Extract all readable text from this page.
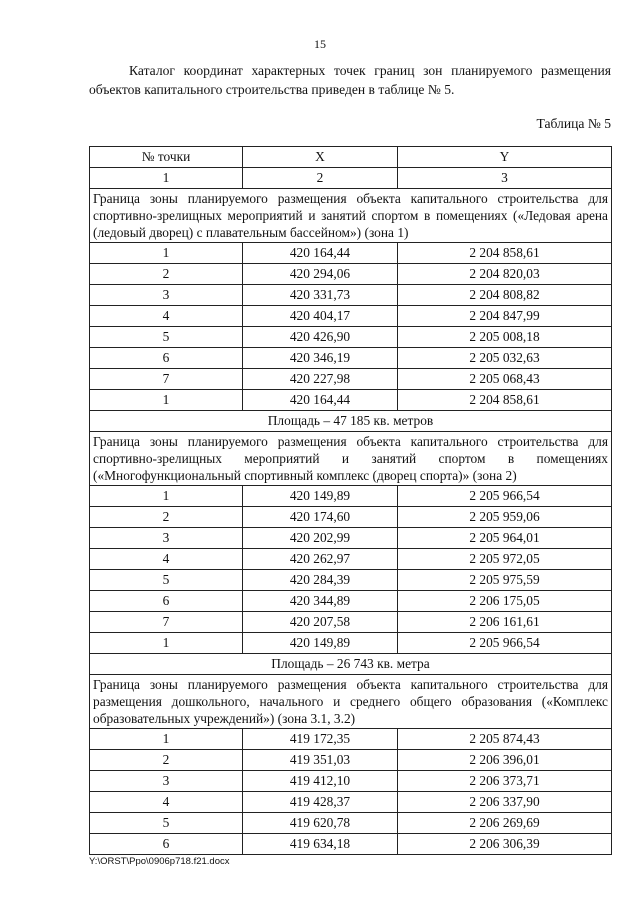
15
Каталог координат характерных точек границ зон планируемого размещения объектов капитального строительства приведен в таблице № 5.
Таблица № 5
№ точки	X	Y
1	2	3
Граница зоны планируемого размещения объекта капитального строительства для спортивно-зрелищных мероприятий и занятий спортом в помещениях («Ледовая арена (ледовый дворец) с плавательным бассейном») (зона 1)		
1	420 164,44	2 204 858,61
2	420 294,06	2 204 820,03
3	420 331,73	2 204 808,82
4	420 404,17	2 204 847,99
5	420 426,90	2 205 008,18
6	420 346,19	2 205 032,63
7	420 227,98	2 205 068,43
1	420 164,44	2 204 858,61
Площадь – 47 185 кв. метров		
Граница зоны планируемого размещения объекта капитального строительства для спортивно-зрелищных мероприятий и занятий спортом в помещениях («Многофункциональный спортивный комплекс (дворец спорта)» (зона 2)		
1	420 149,89	2 205 966,54
2	420 174,60	2 205 959,06
3	420 202,99	2 205 964,01
4	420 262,97	2 205 972,05
5	420 284,39	2 205 975,59
6	420 344,89	2 206 175,05
7	420 207,58	2 206 161,61
1	420 149,89	2 205 966,54
Площадь – 26 743 кв. метра		
Граница зоны планируемого размещения объекта капитального строительства для размещения дошкольного, начального и среднего общего образования («Комплекс образовательных учреждений») (зона 3.1, 3.2)		
1	419 172,35	2 205 874,43
2	419 351,03	2 206 396,01
3	419 412,10	2 206 373,71
4	419 428,37	2 206 337,90
5	419 620,78	2 206 269,69
6	419 634,18	2 206 306,39
Y:\ORST\Ppo\0906p718.f21.docx
